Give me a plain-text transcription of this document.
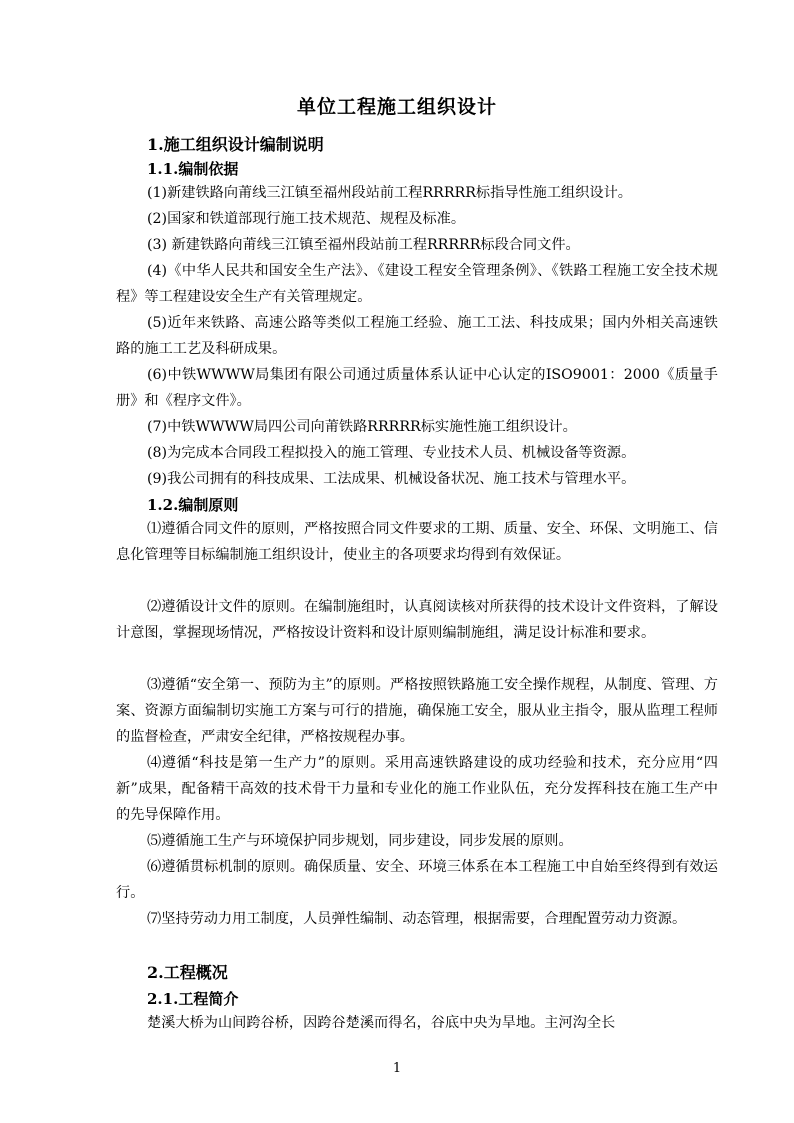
单位工程施工组织设计
1.施工组织设计编制说明
1.1.编制依据
(1)新建铁路向莆线三江镇至福州段站前工程RRRRR标指导性施工组织设计。
(2)国家和铁道部现行施工技术规范、规程及标准。
(3) 新建铁路向莆线三江镇至福州段站前工程RRRRR标段合同文件。
(4)《中华人民共和国安全生产法》、《建设工程安全管理条例》、《铁路工程施工安全技术规程》等工程建设安全生产有关管理规定。
(5)近年来铁路、高速公路等类似工程施工经验、施工工法、科技成果；国内外相关高速铁路的施工工艺及科研成果。
(6)中铁WWWW局集团有限公司通过质量体系认证中心认定的ISO9001：2000《质量手册》和《程序文件》。
(7)中铁WWWW局四公司向莆铁路RRRRR标实施性施工组织设计。
(8)为完成本合同段工程拟投入的施工管理、专业技术人员、机械设备等资源。
(9)我公司拥有的科技成果、工法成果、机械设备状况、施工技术与管理水平。
1.2.编制原则
⑴遵循合同文件的原则，严格按照合同文件要求的工期、质量、安全、环保、文明施工、信息化管理等目标编制施工组织设计，使业主的各项要求均得到有效保证。
⑵遵循设计文件的原则。在编制施组时，认真阅读核对所获得的技术设计文件资料，了解设计意图，掌握现场情况，严格按设计资料和设计原则编制施组，满足设计标准和要求。
⑶遵循“安全第一、预防为主”的原则。严格按照铁路施工安全操作规程，从制度、管理、方案、资源方面编制切实施工方案与可行的措施，确保施工安全，服从业主指令，服从监理工程师的监督检查，严肃安全纪律，严格按规程办事。
⑷遵循“科技是第一生产力”的原则。采用高速铁路建设的成功经验和技术，充分应用“四新”成果，配备精干高效的技术骨干力量和专业化的施工作业队伍，充分发挥科技在施工生产中的先导保障作用。
⑸遵循施工生产与环境保护同步规划，同步建设，同步发展的原则。
⑹遵循贯标机制的原则。确保质量、安全、环境三体系在本工程施工中自始至终得到有效运行。
⑺坚持劳动力用工制度，人员弹性编制、动态管理，根据需要，合理配置劳动力资源。
2.工程概况
2.1.工程简介
楚溪大桥为山间跨谷桥，因跨谷楚溪而得名，谷底中央为旱地。主河沟全长
1
